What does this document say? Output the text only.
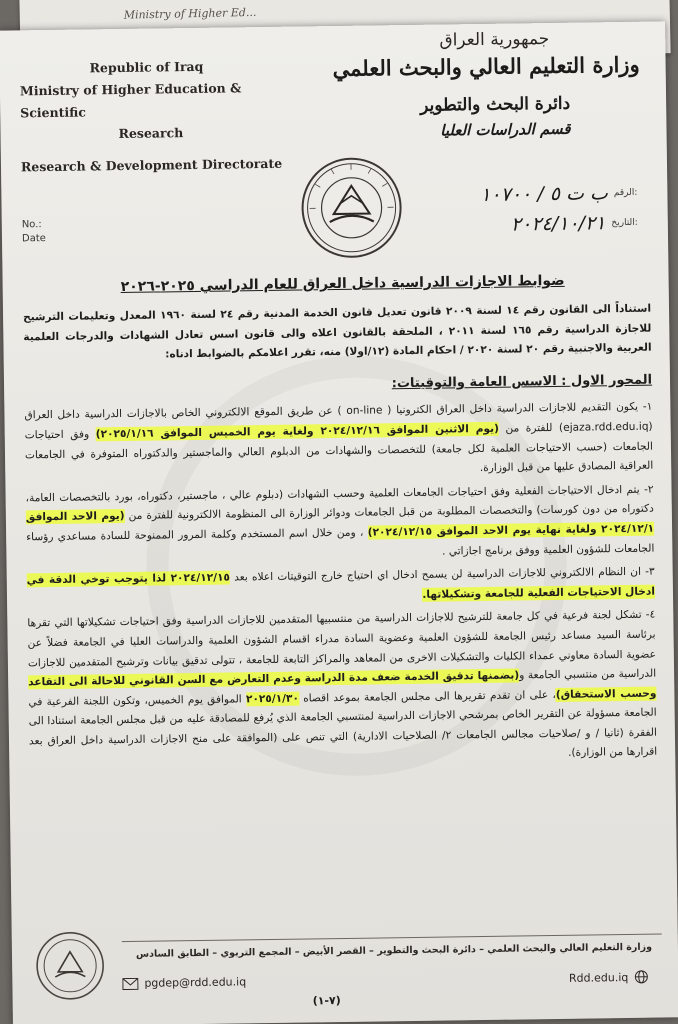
Ministry of Higher Ed...
Republic of Iraq
Ministry of Higher Education & Scientific
Research
Research & Development Directorate
No.:
Date
جمهورية العراق
وزارة التعليم العالي والبحث العلمي
دائرة البحث والتطوير
قسم الدراسات العليا
ب ت ٥ / ١٠٧٠٠ الرقم:
٢٠٢٤/١٠/٢١ التاريخ:
ضوابط الاجازات الدراسية داخل العراق للعام الدراسي ٢٠٢٥-٢٠٢٦

استناداً الى القانون رقم ١٤ لسنة ٢٠٠٩ قانون تعديل قانون الخدمة المدنية رقم ٢٤ لسنة ١٩٦٠ المعدل وتعليمات الترشيح للاجازة الدراسية رقم ١٦٥ لسنة ٢٠١١ ، الملحقة بالقانون اعلاه والى قانون اسس تعادل الشهادات والدرجات العلمية العربية والاجنبية رقم ٢٠ لسنة ٢٠٢٠ / احكام المادة (١٢/اولا) منه، تقرر اعلامكم بالضوابط ادناه:

المحور الاول : الاسس العامة والتوقيتات:

١- يكون التقديم للاجازات الدراسية داخل العراق الكترونيا ( on-line ) عن طريق الموقع الالكتروني الخاص بالاجازات الدراسية داخل العراق (ejaza.rdd.edu.iq) للفترة من (يوم الاثنين الموافق ٢٠٢٤/١٢/١٦ ولغاية يوم الخميس الموافق ٢٠٢٥/١/١٦) وفق احتياجات الجامعات (حسب الاحتياجات العلمية لكل جامعة) للتخصصات والشهادات من الدبلوم العالي والماجستير والدكتوراه المتوفرة في الجامعات العراقية المصادق عليها من قبل الوزارة.

٢- يتم ادخال الاحتياجات الفعلية وفق احتياجات الجامعات العلمية وحسب الشهادات (دبلوم عالي ، ماجستير، دكتوراه، بورد بالتخصصات العامة، دكتوراه من دون كورسات) والتخصصات المطلوبة من قبل الجامعات ودوائر الوزارة الى المنظومة الالكترونية للفترة من (يوم الاحد الموافق ٢٠٢٤/١٢/١ ولغاية نهاية يوم الاحد الموافق ٢٠٢٤/١٢/١٥) ، ومن خلال اسم المستخدم وكلمة المرور الممنوحة للسادة مساعدي رؤساء الجامعات للشؤون العلمية ووفق برنامج اجازاتي .

٣- ان النظام الالكتروني للاجازات الدراسية لن يسمح ادخال اي احتياج خارج التوقيتات اعلاه بعد ٢٠٢٤/١٢/١٥ لذا يتوجب توخي الدقة في ادخال الاحتياجات الفعلية للجامعة وتشكيلاتها.

٤- تشكل لجنة فرعية في كل جامعة للترشيح للاجازات الدراسية من منتسبيها المتقدمين للاجازات الدراسية وفق احتياجات تشكيلاتها التي تقرها برئاسة السيد مساعد رئيس الجامعة للشؤون العلمية وعضوية السادة مدراء اقسام الشؤون العلمية والدراسات العليا في الجامعة فضلاً عن عضوية السادة معاوني عمداء الكليات والتشكيلات الاخرى من المعاهد والمراكز التابعة للجامعة ، تتولى تدقيق بيانات وترشيح المتقدمين للاجازات الدراسية من منتسبي الجامعة و(بضمنها تدقيق الخدمة ضعف مدة الدراسة وعدم التعارض مع السن القانوني للاحالة الى التقاعد وحسب الاستحقاق)، على ان تقدم تقريرها الى مجلس الجامعة بموعد اقصاه ٢٠٢٥/١/٣٠ الموافق يوم الخميس، وتكون اللجنة الفرعية في الجامعة مسؤولة عن التقرير الخاص بمرشحي الاجازات الدراسية لمنتسبي الجامعة الذي يُرفع للمصادقة عليه من قبل مجلس الجامعة استنادا الى الفقرة (ثانيا / و /صلاحيات مجالس الجامعات ٢/ الصلاحيات الادارية) التي تنص على (الموافقة على منح الاجازات الدراسية داخل العراق بعد اقرارها من الوزارة).

وزارة التعليم العالي والبحث العلمي – دائرة البحث والتطوير – القصر الأبيض – المجمع التربوي – الطابق السادس
pgdep@rdd.edu.iq	Rdd.edu.iq
(٧-١)
